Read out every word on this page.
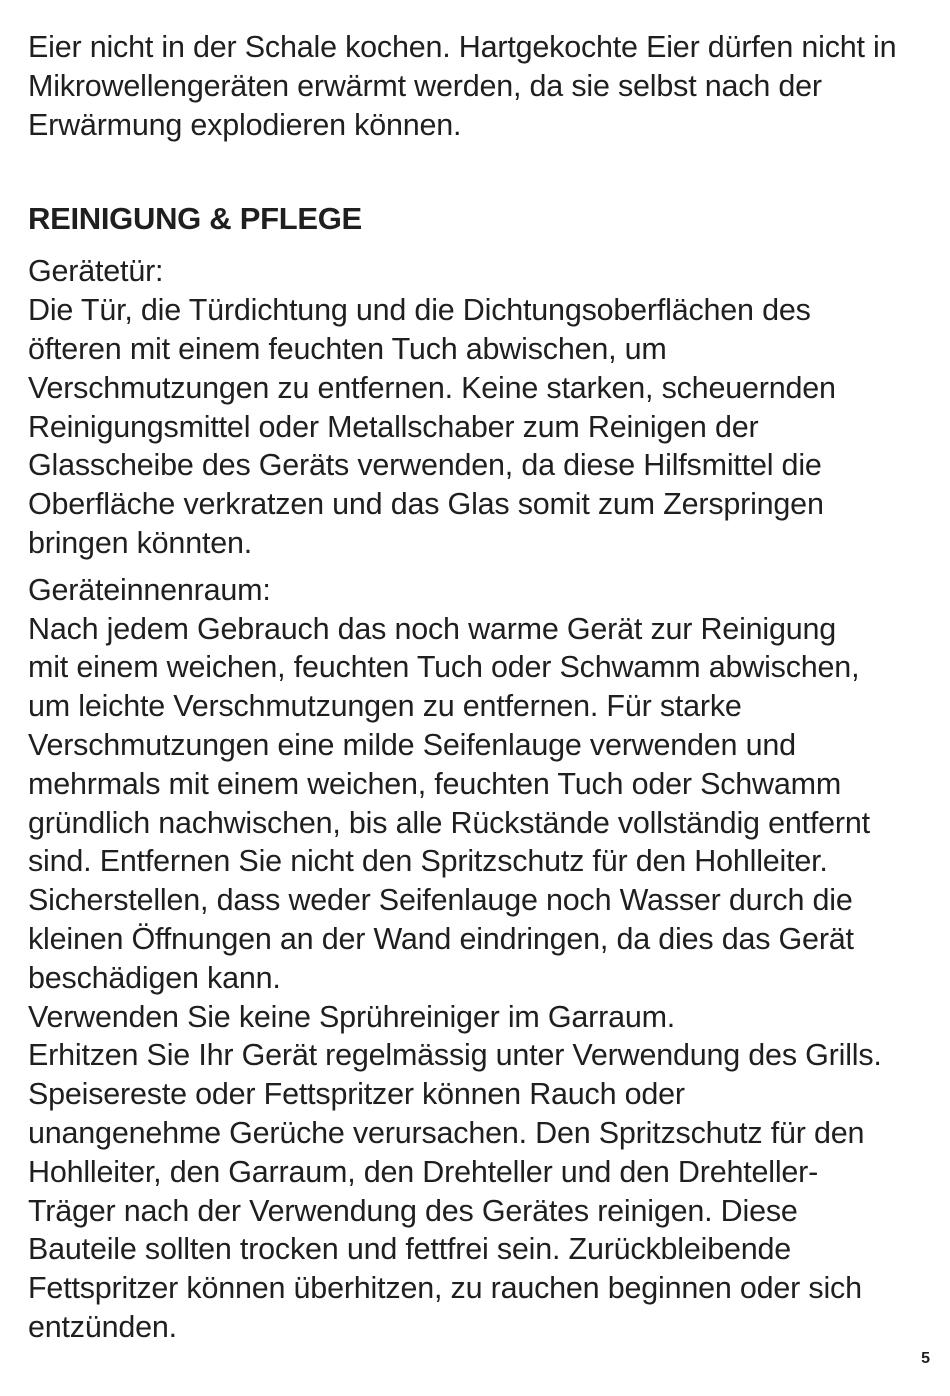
Eier nicht in der Schale kochen. Hartgekochte Eier dürfen nicht in
Mikrowellengeräten erwärmt werden, da sie selbst nach der
Erwärmung explodieren können.

REINIGUNG & PFLEGE
Gerätetür:

Die Tür, die Türdichtung und die Dichtungsoberflächen des
öfteren mit einem feuchten Tuch abwischen, um
Verschmutzungen zu entfernen. Keine starken, scheuernden
Reinigungsmittel oder Metallschaber zum Reinigen der
Glasscheibe des Geräts verwenden, da diese Hilfsmittel die
Oberfläche verkratzen und das Glas somit zum Zerspringen
bringen könnten.

Geräteinnenraum:

Nach jedem Gebrauch das noch warme Gerät zur Reinigung
mit einem weichen, feuchten Tuch oder Schwamm abwischen,
um leichte Verschmutzungen zu entfernen. Für starke
Verschmutzungen eine milde Seifenlauge verwenden und
mehrmals mit einem weichen, feuchten Tuch oder Schwamm
gründlich nachwischen, bis alle Rückstände vollständig entfernt
sind. Entfernen Sie nicht den Spritzschutz für den Hohlleiter.
Sicherstellen, dass weder Seifenlauge noch Wasser durch die
kleinen Öffnungen an der Wand eindringen, da dies das Gerät
beschädigen kann.
Verwenden Sie keine Sprühreiniger im Garraum.
Erhitzen Sie Ihr Gerät regelmässig unter Verwendung des Grills.
Speisereste oder Fettspritzer können Rauch oder
unangenehme Gerüche verursachen. Den Spritzschutz für den
Hohlleiter, den Garraum, den Drehteller und den Drehteller-
Träger nach der Verwendung des Gerätes reinigen. Diese
Bauteile sollten trocken und fettfrei sein. Zurückbleibende
Fettspritzer können überhitzen, zu rauchen beginnen oder sich
entzünden.

5
